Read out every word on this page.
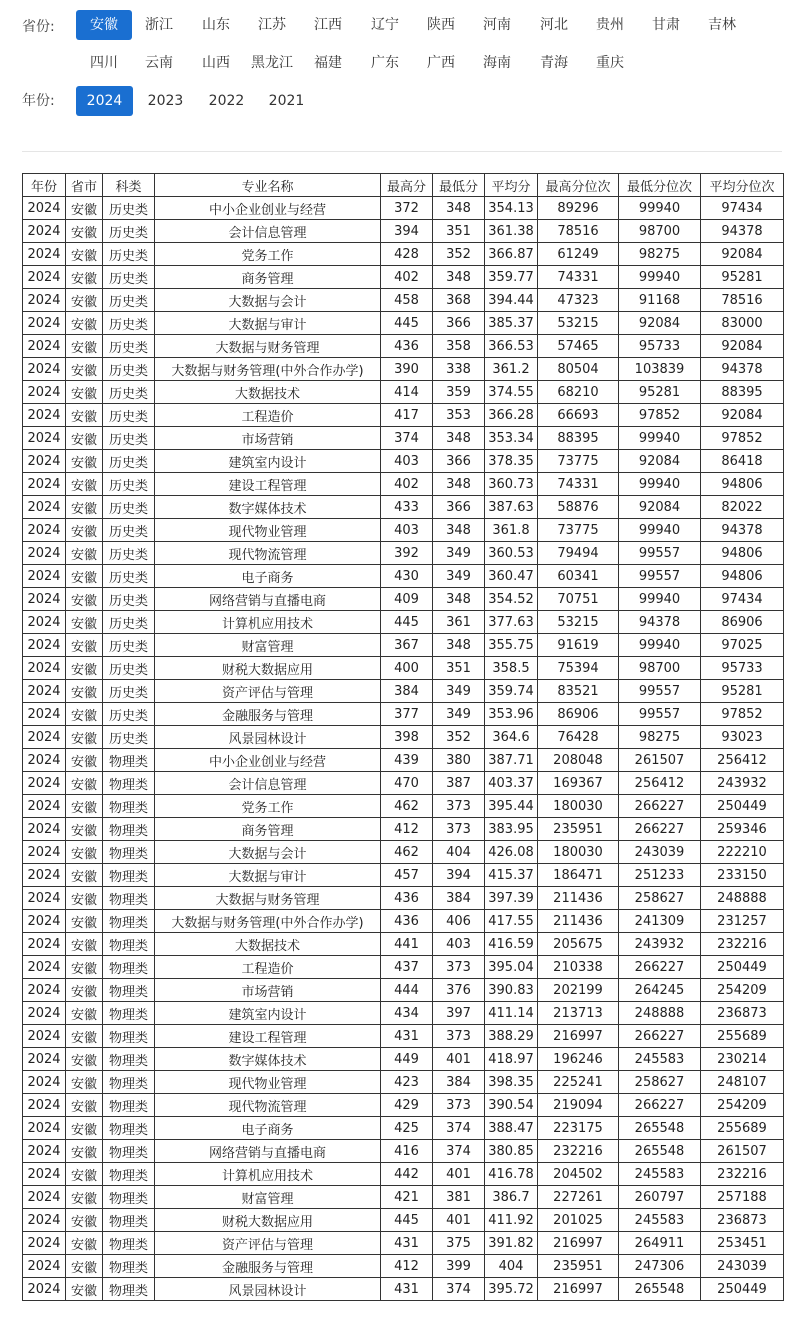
省份:	安徽	浙江	山东	江苏	江西	辽宁	陕西	河南	河北	贵州	甘肃	吉林
四川	云南	山西	黑龙江	福建	广东	广西	海南	青海	重庆
年份:	2024	2023	2022	2021
年份	省市	科类	专业名称	最高分	最低分	平均分	最高分位次	最低分位次	平均分位次
2024	安徽	历史类	中小企业创业与经营	372	348	354.13	89296	99940	97434
2024	安徽	历史类	会计信息管理	394	351	361.38	78516	98700	94378
2024	安徽	历史类	党务工作	428	352	366.87	61249	98275	92084
2024	安徽	历史类	商务管理	402	348	359.77	74331	99940	95281
2024	安徽	历史类	大数据与会计	458	368	394.44	47323	91168	78516
2024	安徽	历史类	大数据与审计	445	366	385.37	53215	92084	83000
2024	安徽	历史类	大数据与财务管理	436	358	366.53	57465	95733	92084
2024	安徽	历史类	大数据与财务管理(中外合作办学)	390	338	361.2	80504	103839	94378
2024	安徽	历史类	大数据技术	414	359	374.55	68210	95281	88395
2024	安徽	历史类	工程造价	417	353	366.28	66693	97852	92084
2024	安徽	历史类	市场营销	374	348	353.34	88395	99940	97852
2024	安徽	历史类	建筑室内设计	403	366	378.35	73775	92084	86418
2024	安徽	历史类	建设工程管理	402	348	360.73	74331	99940	94806
2024	安徽	历史类	数字媒体技术	433	366	387.63	58876	92084	82022
2024	安徽	历史类	现代物业管理	403	348	361.8	73775	99940	94378
2024	安徽	历史类	现代物流管理	392	349	360.53	79494	99557	94806
2024	安徽	历史类	电子商务	430	349	360.47	60341	99557	94806
2024	安徽	历史类	网络营销与直播电商	409	348	354.52	70751	99940	97434
2024	安徽	历史类	计算机应用技术	445	361	377.63	53215	94378	86906
2024	安徽	历史类	财富管理	367	348	355.75	91619	99940	97025
2024	安徽	历史类	财税大数据应用	400	351	358.5	75394	98700	95733
2024	安徽	历史类	资产评估与管理	384	349	359.74	83521	99557	95281
2024	安徽	历史类	金融服务与管理	377	349	353.96	86906	99557	97852
2024	安徽	历史类	风景园林设计	398	352	364.6	76428	98275	93023
2024	安徽	物理类	中小企业创业与经营	439	380	387.71	208048	261507	256412
2024	安徽	物理类	会计信息管理	470	387	403.37	169367	256412	243932
2024	安徽	物理类	党务工作	462	373	395.44	180030	266227	250449
2024	安徽	物理类	商务管理	412	373	383.95	235951	266227	259346
2024	安徽	物理类	大数据与会计	462	404	426.08	180030	243039	222210
2024	安徽	物理类	大数据与审计	457	394	415.37	186471	251233	233150
2024	安徽	物理类	大数据与财务管理	436	384	397.39	211436	258627	248888
2024	安徽	物理类	大数据与财务管理(中外合作办学)	436	406	417.55	211436	241309	231257
2024	安徽	物理类	大数据技术	441	403	416.59	205675	243932	232216
2024	安徽	物理类	工程造价	437	373	395.04	210338	266227	250449
2024	安徽	物理类	市场营销	444	376	390.83	202199	264245	254209
2024	安徽	物理类	建筑室内设计	434	397	411.14	213713	248888	236873
2024	安徽	物理类	建设工程管理	431	373	388.29	216997	266227	255689
2024	安徽	物理类	数字媒体技术	449	401	418.97	196246	245583	230214
2024	安徽	物理类	现代物业管理	423	384	398.35	225241	258627	248107
2024	安徽	物理类	现代物流管理	429	373	390.54	219094	266227	254209
2024	安徽	物理类	电子商务	425	374	388.47	223175	265548	255689
2024	安徽	物理类	网络营销与直播电商	416	374	380.85	232216	265548	261507
2024	安徽	物理类	计算机应用技术	442	401	416.78	204502	245583	232216
2024	安徽	物理类	财富管理	421	381	386.7	227261	260797	257188
2024	安徽	物理类	财税大数据应用	445	401	411.92	201025	245583	236873
2024	安徽	物理类	资产评估与管理	431	375	391.82	216997	264911	253451
2024	安徽	物理类	金融服务与管理	412	399	404	235951	247306	243039
2024	安徽	物理类	风景园林设计	431	374	395.72	216997	265548	250449
